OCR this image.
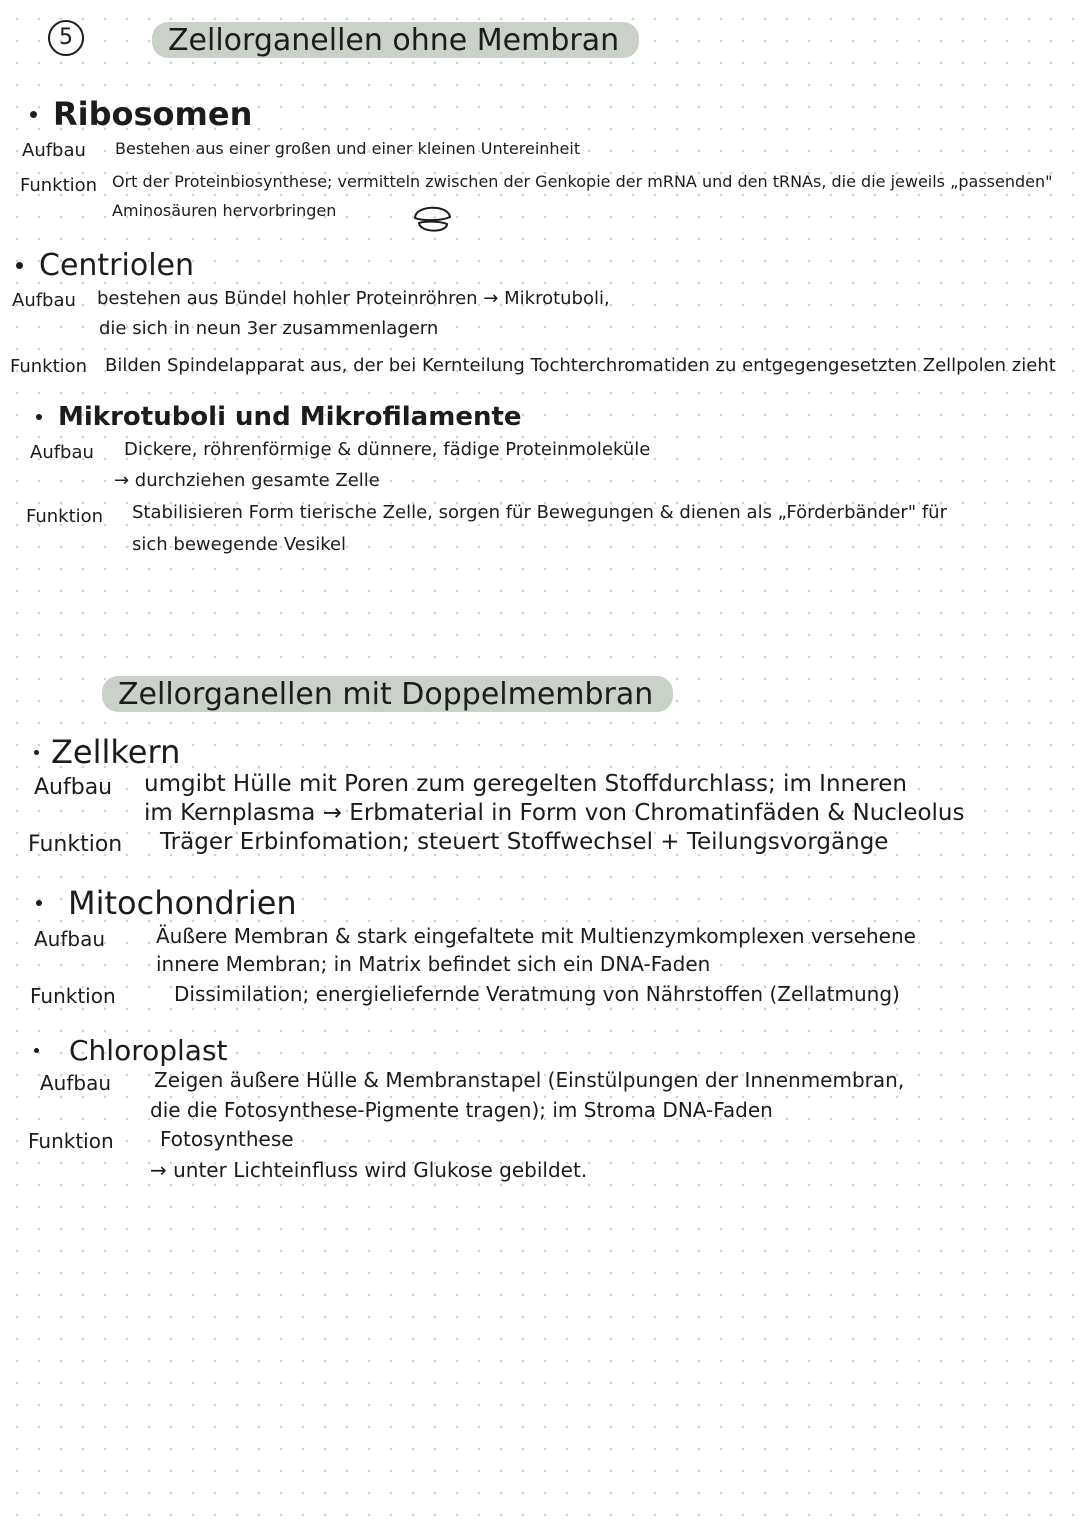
5	Zellorganellen ohne Membran
Ribosomen
Aufbau Bestehen aus einer großen und einer kleinen Untereinheit
Funktion Ort der Proteinbiosynthese; vermitteln zwischen der Genkopie der mRNA und den tRNAs, die die jeweils „passenden"
Aminosäuren hervorbringen
Centriolen
Aufbau bestehen aus Bündel hohler Proteinröhren → Mikrotuboli,
die sich in neun 3er zusammenlagern
Funktion Bilden Spindelapparat aus, der bei Kernteilung Tochterchromatiden zu entgegengesetzten Zellpolen zieht
Mikrotuboli und Mikrofilamente
Aufbau Dickere, röhrenförmige & dünnere, fädige Proteinmoleküle
→ durchziehen gesamte Zelle
Funktion Stabilisieren Form tierische Zelle, sorgen für Bewegungen & dienen als „Förderbänder" für
sich bewegende Vesikel
Zellorganellen mit Doppelmembran
Zellkern
Aufbau umgibt Hülle mit Poren zum geregelten Stoffdurchlass; im Inneren
im Kernplasma → Erbmaterial in Form von Chromatinfäden & Nucleolus
Funktion Träger Erbinfomation; steuert Stoffwechsel + Teilungsvorgänge
Mitochondrien
Aufbau	Äußere Membran & stark eingefaltete mit Multienzymkomplexen versehene
innere Membran; in Matrix befindet sich ein DNA-Faden
Funktion	Dissimilation; energieliefernde Veratmung von Nährstoffen (Zellatmung)
Chloroplast
Aufbau Zeigen äußere Hülle & Membranstapel (Einstülpungen der Innenmembran,
die die Fotosynthese-Pigmente tragen); im Stroma DNA-Faden
Funktion Fotosynthese
→ unter Lichteinfluss wird Glukose gebildet.
